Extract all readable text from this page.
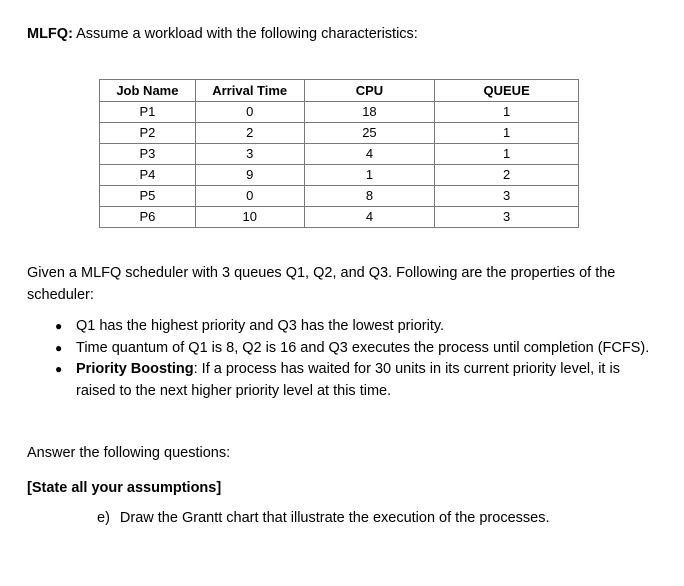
MLFQ: Assume a workload with the following characteristics:
Job Name	Arrival Time	CPU	QUEUE
P1	0	18	1
P2	2	25	1
P3	3	4	1
P4	9	1	2
P5	0	8	3
P6	10	4	3
Given a MLFQ scheduler with 3 queues Q1, Q2, and Q3. Following are the properties of the scheduler:
● Q1 has the highest priority and Q3 has the lowest priority.
● Time quantum of Q1 is 8, Q2 is 16 and Q3 executes the process until completion (FCFS).
● Priority Boosting: If a process has waited for 30 units in its current priority level, it is raised to the next higher priority level at this time.
Answer the following questions:
[State all your assumptions]
e) Draw the Grantt chart that illustrate the execution of the processes.
